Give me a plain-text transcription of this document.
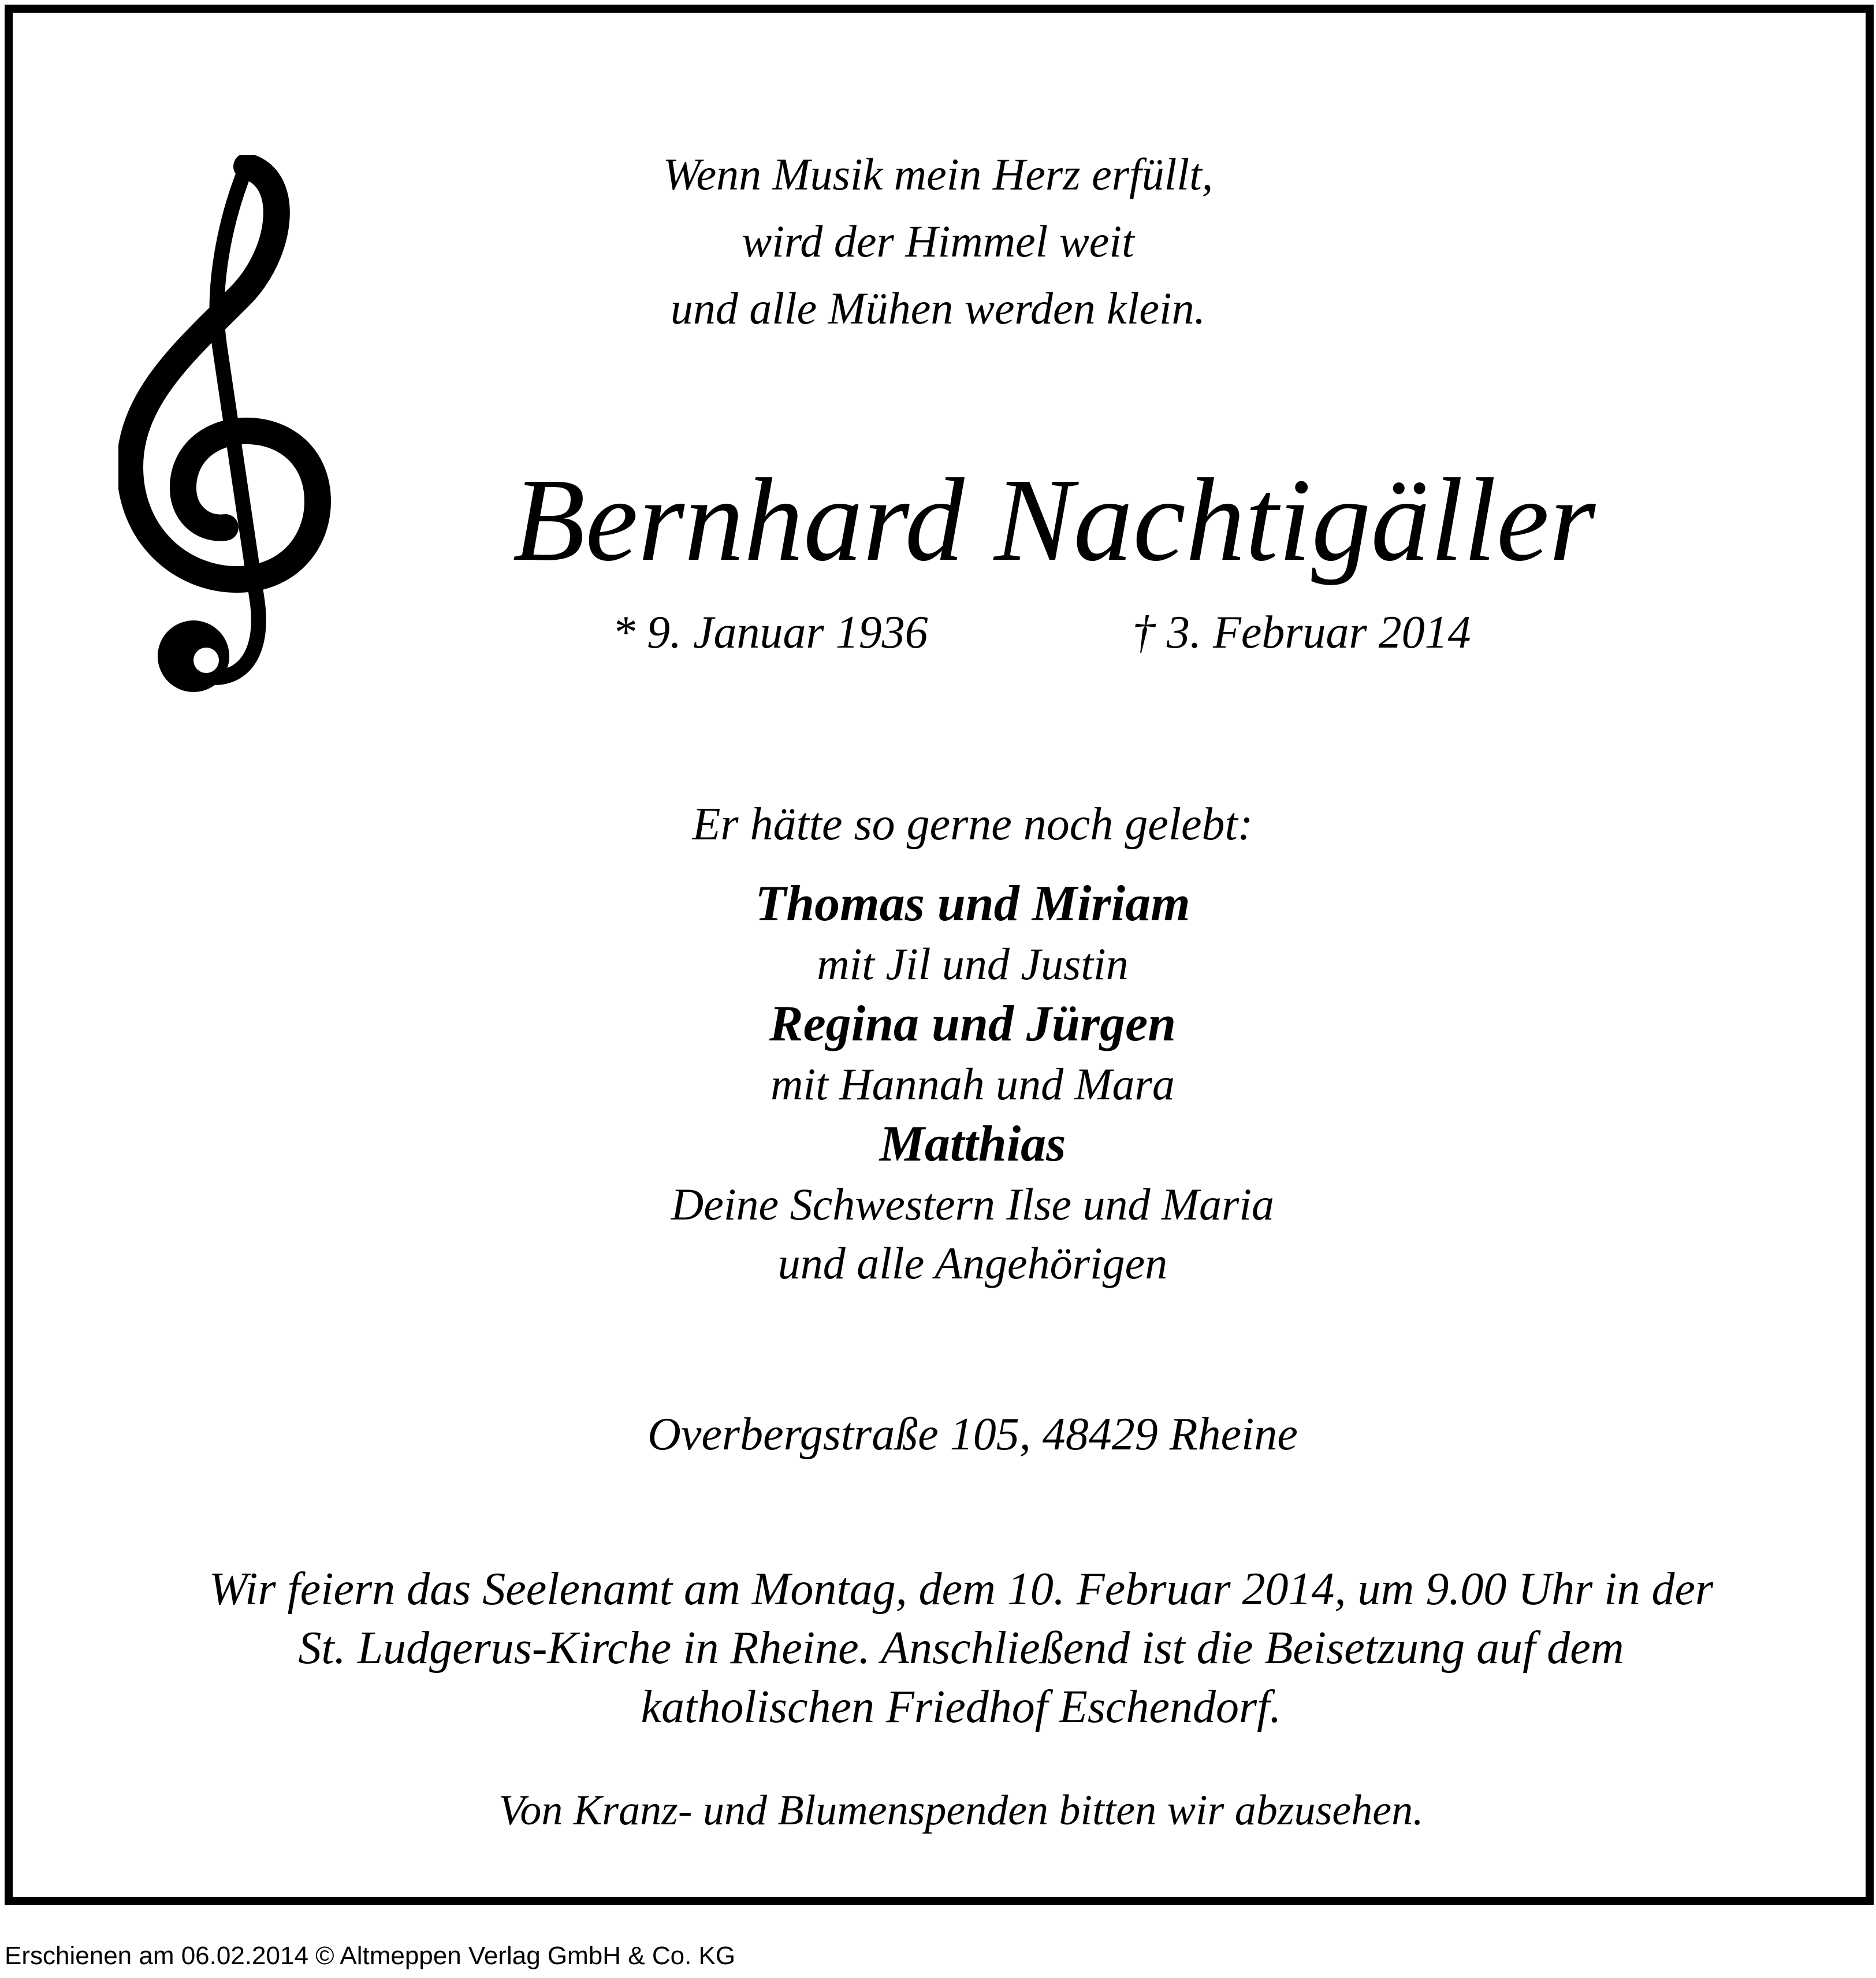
Wenn Musik mein Herz erfüllt,
wird der Himmel weit
und alle Mühen werden klein.
Bernhard Nachtigäller
* 9. Januar 1936	† 3. Februar 2014
Er hätte so gerne noch gelebt:
Thomas und Miriam
mit Jil und Justin
Regina und Jürgen
mit Hannah und Mara
Matthias
Deine Schwestern Ilse und Maria
und alle Angehörigen
Overbergstraße 105, 48429 Rheine
Wir feiern das Seelenamt am Montag, dem 10. Februar 2014, um 9.00 Uhr in der
St. Ludgerus-Kirche in Rheine. Anschließend ist die Beisetzung auf dem
katholischen Friedhof Eschendorf.
Von Kranz- und Blumenspenden bitten wir abzusehen.
Erschienen am 06.02.2014 © Altmeppen Verlag GmbH & Co. KG
